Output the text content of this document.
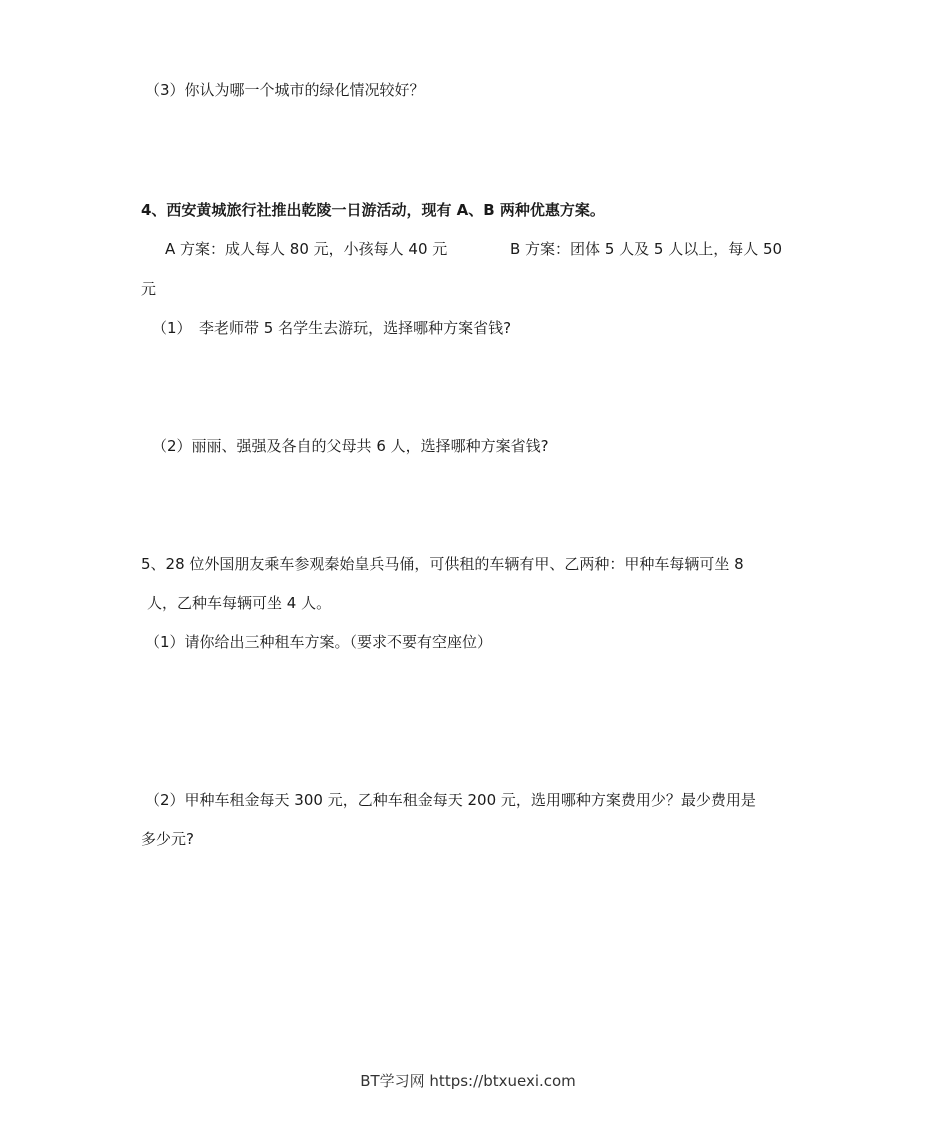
（3）你认为哪一个城市的绿化情况较好？
4、西安黄城旅行社推出乾陵一日游活动，现有 A、B 两种优惠方案。
A 方案：成人每人 80 元，小孩每人 40 元	B 方案：团体 5 人及 5 人以上，每人 50
元
（1）　李老师带 5 名学生去游玩，选择哪种方案省钱?
（2）丽丽、强强及各自的父母共 6 人，选择哪种方案省钱?
5、28 位外国朋友乘车参观秦始皇兵马俑，可供租的车辆有甲、乙两种：甲种车每辆可坐 8
人，乙种车每辆可坐 4 人。
（1）请你给出三种租车方案。（要求不要有空座位）
（2）甲种车租金每天 300 元，乙种车租金每天 200 元，选用哪种方案费用少？最少费用是
多少元?
BT学习网 https://btxuexi.com
